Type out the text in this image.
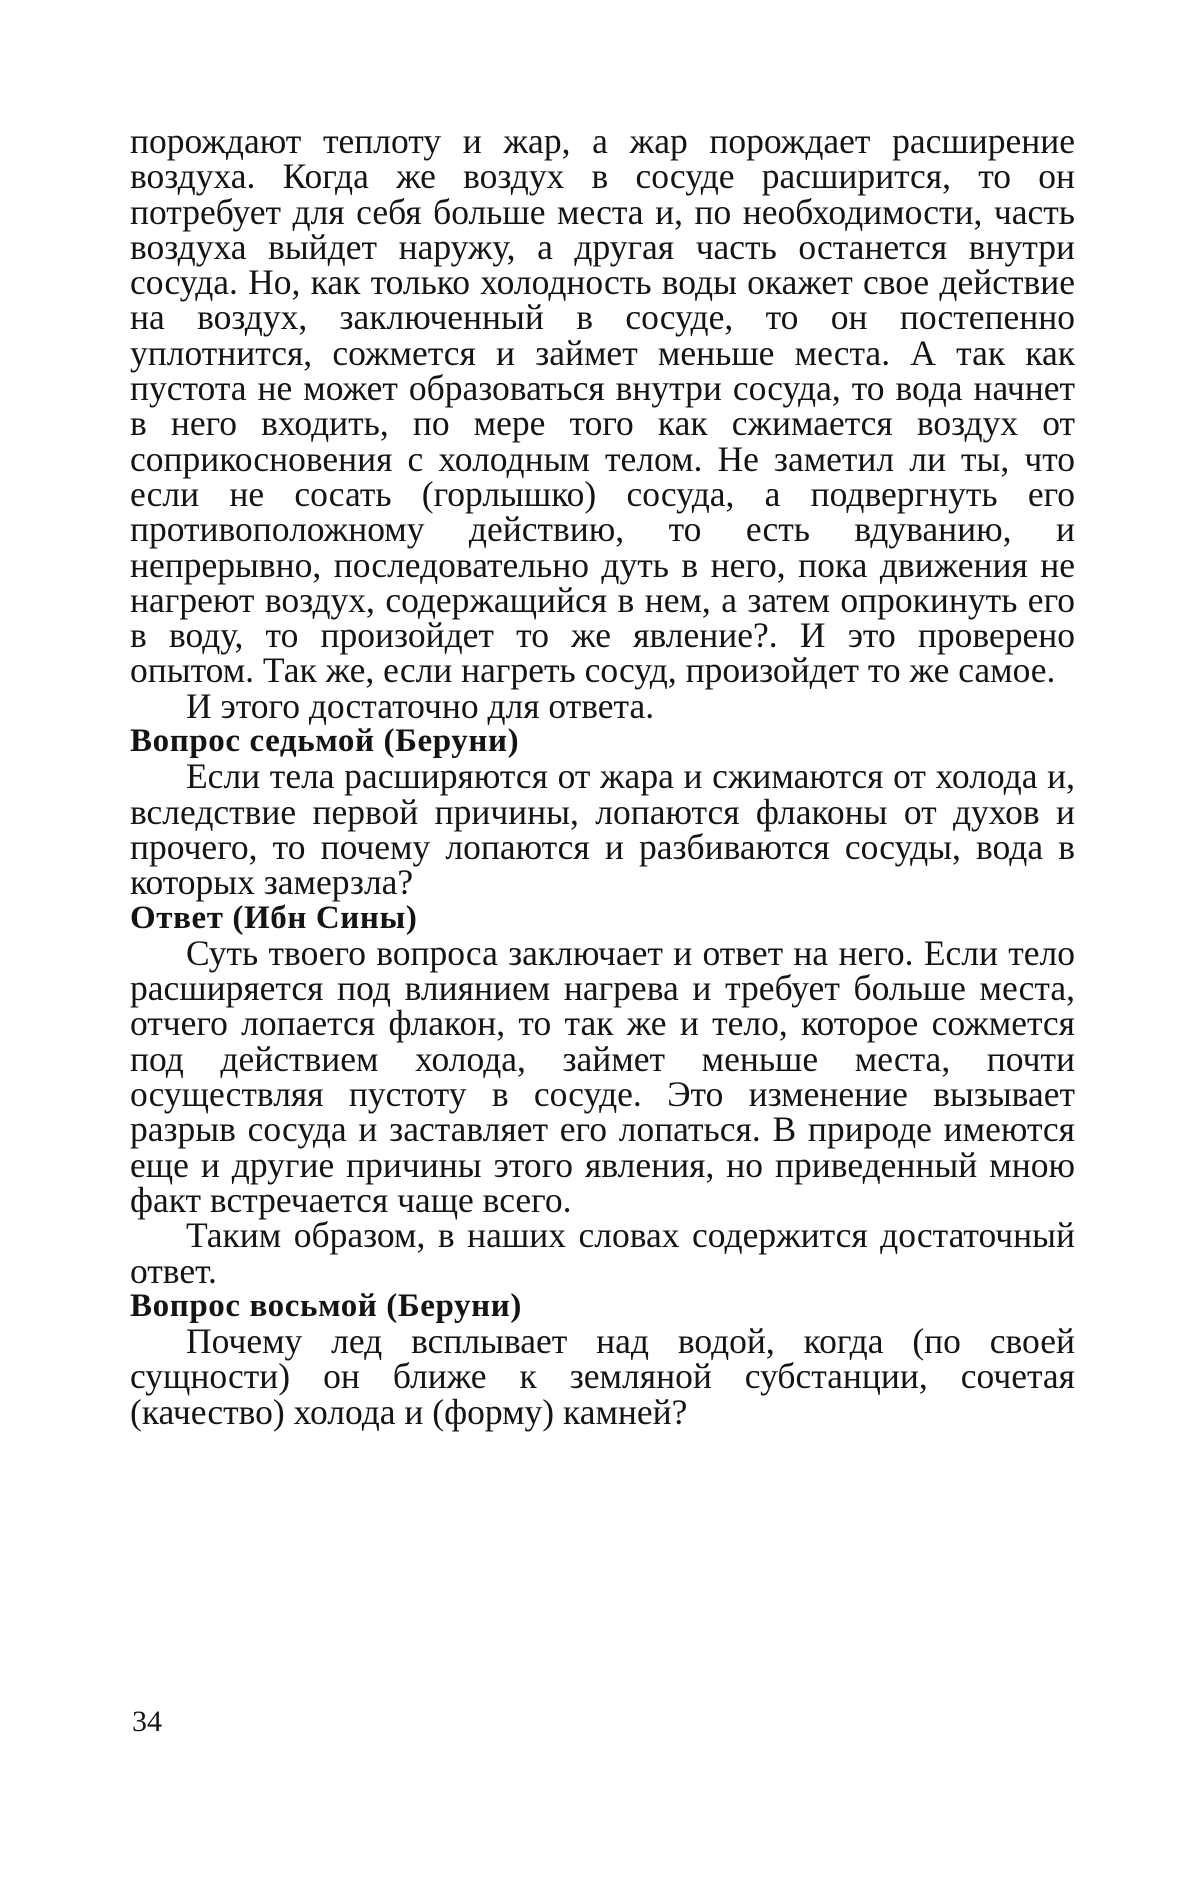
порождают теплоту и жар, а жар порождает расширение воздуха. Когда же воздух в сосуде расширится, то он потребует для себя больше места и, по необходимости, часть воздуха выйдет наружу, а другая часть останется внутри сосуда. Но, как только холодность воды окажет свое действие на воздух, заключенный в сосуде, то он постепенно уплотнится, сожмется и займет меньше места. А так как пустота не может образоваться внутри сосуда, то вода начнет в него входить, по мере того как сжимается воздух от соприкосновения с холодным телом. Не заметил ли ты, что если не сосать (горлышко) сосуда, а подвергнуть его противоположному действию, то есть вдуванию, и непрерывно, последовательно дуть в него, пока движения не нагреют воздух, содержащийся в нем, а затем опрокинуть его в воду, то произойдет то же явление?. И это проверено опытом. Так же, если нагреть сосуд, произойдет то же самое.

И этого достаточно для ответа.

Вопрос седьмой (Беруни)

Если тела расширяются от жара и сжимаются от холода и, вследствие первой причины, лопаются флаконы от духов и прочего, то почему лопаются и разбиваются сосуды, вода в которых замерзла?

Ответ (Ибн Сины)

Суть твоего вопроса заключает и ответ на него. Если тело расширяется под влиянием нагрева и требует больше места, отчего лопается флакон, то так же и тело, которое сожмется под действием холода, займет меньше места, почти осуществляя пустоту в сосуде. Это изменение вызывает разрыв сосуда и заставляет его лопаться. В природе имеются еще и другие причины этого явления, но приведенный мною факт встречается чаще всего.

Таким образом, в наших словах содержится достаточный ответ.

Вопрос восьмой (Беруни)

Почему лед всплывает над водой, когда (по своей сущности) он ближе к земляной субстанции, сочетая (качество) холода и (форму) камней?

34
